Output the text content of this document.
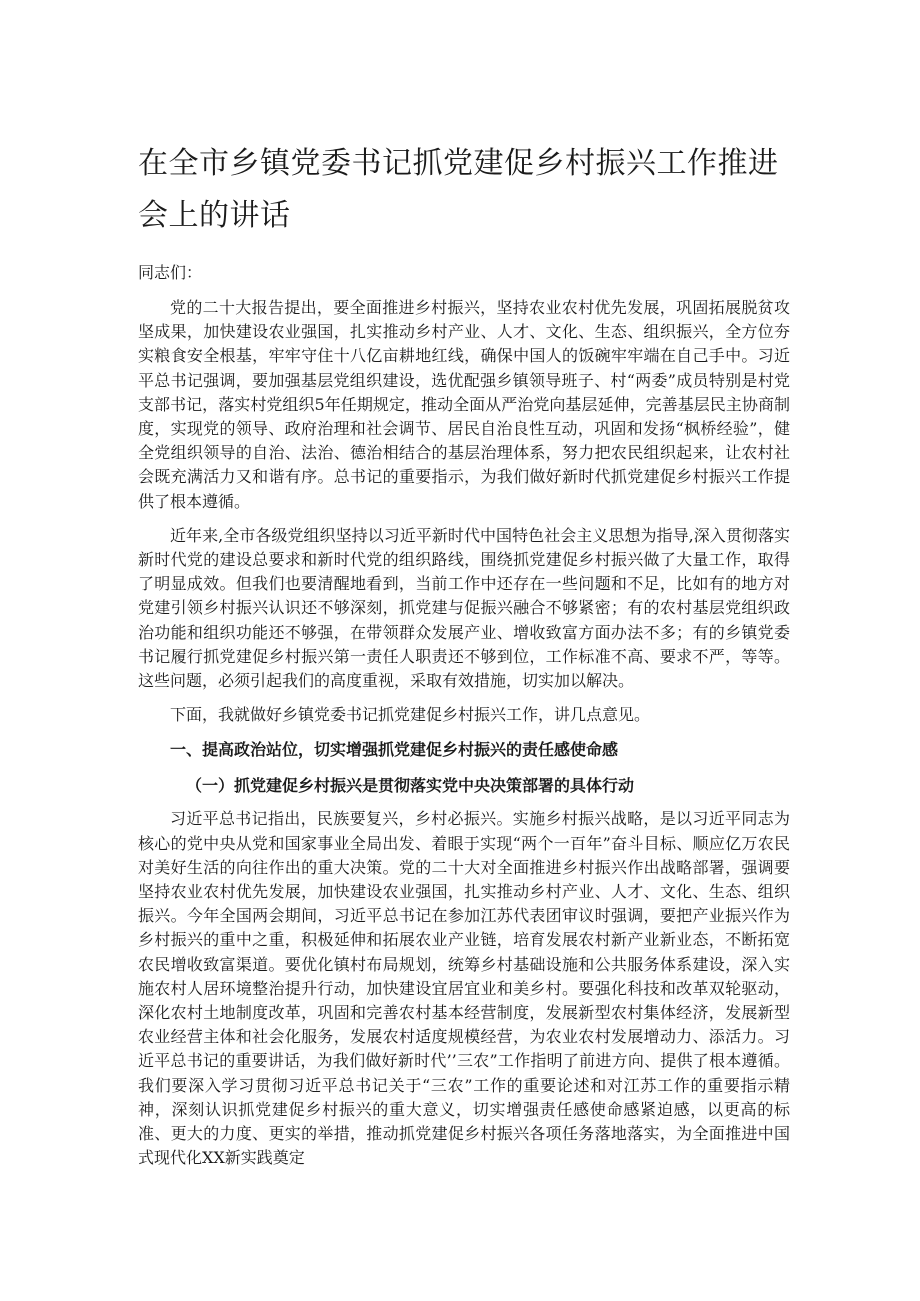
在全市乡镇党委书记抓党建促乡村振兴工作推进会上的讲话

同志们：

党的二十大报告提出，要全面推进乡村振兴，坚持农业农村优先发展，巩固拓展脱贫攻坚成果，加快建设农业强国，扎实推动乡村产业、人才、文化、生态、组织振兴，全方位夯实粮食安全根基，牢牢守住十八亿亩耕地红线，确保中国人的饭碗牢牢端在自己手中。习近平总书记强调，要加强基层党组织建设，选优配强乡镇领导班子、村“两委”成员特别是村党支部书记，落实村党组织5年任期规定，推动全面从严治党向基层延伸，完善基层民主协商制度，实现党的领导、政府治理和社会调节、居民自治良性互动，巩固和发扬“枫桥经验”，健全党组织领导的自治、法治、德治相结合的基层治理体系，努力把农民组织起来，让农村社会既充满活力又和谐有序。总书记的重要指示，为我们做好新时代抓党建促乡村振兴工作提供了根本遵循。

近年来,全市各级党组织坚持以习近平新时代中国特色社会主义思想为指导,深入贯彻落实新时代党的建设总要求和新时代党的组织路线，围绕抓党建促乡村振兴做了大量工作，取得了明显成效。但我们也要清醒地看到，当前工作中还存在一些问题和不足，比如有的地方对党建引领乡村振兴认识还不够深刻，抓党建与促振兴融合不够紧密；有的农村基层党组织政治功能和组织功能还不够强，在带领群众发展产业、增收致富方面办法不多；有的乡镇党委书记履行抓党建促乡村振兴第一责任人职责还不够到位，工作标准不高、要求不严，等等。这些问题，必须引起我们的高度重视，采取有效措施，切实加以解决。

下面，我就做好乡镇党委书记抓党建促乡村振兴工作，讲几点意见。

一、提高政治站位，切实增强抓党建促乡村振兴的责任感使命感

（一）抓党建促乡村振兴是贯彻落实党中央决策部署的具体行动

习近平总书记指出，民族要复兴，乡村必振兴。实施乡村振兴战略，是以习近平同志为核心的党中央从党和国家事业全局出发、着眼于实现“两个一百年”奋斗目标、顺应亿万农民对美好生活的向往作出的重大决策。党的二十大对全面推进乡村振兴作出战略部署，强调要坚持农业农村优先发展，加快建设农业强国，扎实推动乡村产业、人才、文化、生态、组织振兴。今年全国两会期间，习近平总书记在参加江苏代表团审议时强调，要把产业振兴作为乡村振兴的重中之重，积极延伸和拓展农业产业链，培育发展农村新产业新业态，不断拓宽农民增收致富渠道。要优化镇村布局规划，统筹乡村基础设施和公共服务体系建设，深入实施农村人居环境整治提升行动，加快建设宜居宜业和美乡村。要强化科技和改革双轮驱动，深化农村土地制度改革，巩固和完善农村基本经营制度，发展新型农村集体经济，发展新型农业经营主体和社会化服务，发展农村适度规模经营，为农业农村发展增动力、添活力。习近平总书记的重要讲话，为我们做好新时代’’三农”工作指明了前进方向、提供了根本遵循。我们要深入学习贯彻习近平总书记关于“三农”工作的重要论述和对江苏工作的重要指示精神，深刻认识抓党建促乡村振兴的重大意义，切实增强责任感使命感紧迫感，以更高的标准、更大的力度、更实的举措，推动抓党建促乡村振兴各项任务落地落实，为全面推进中国式现代化XX新实践奠定
